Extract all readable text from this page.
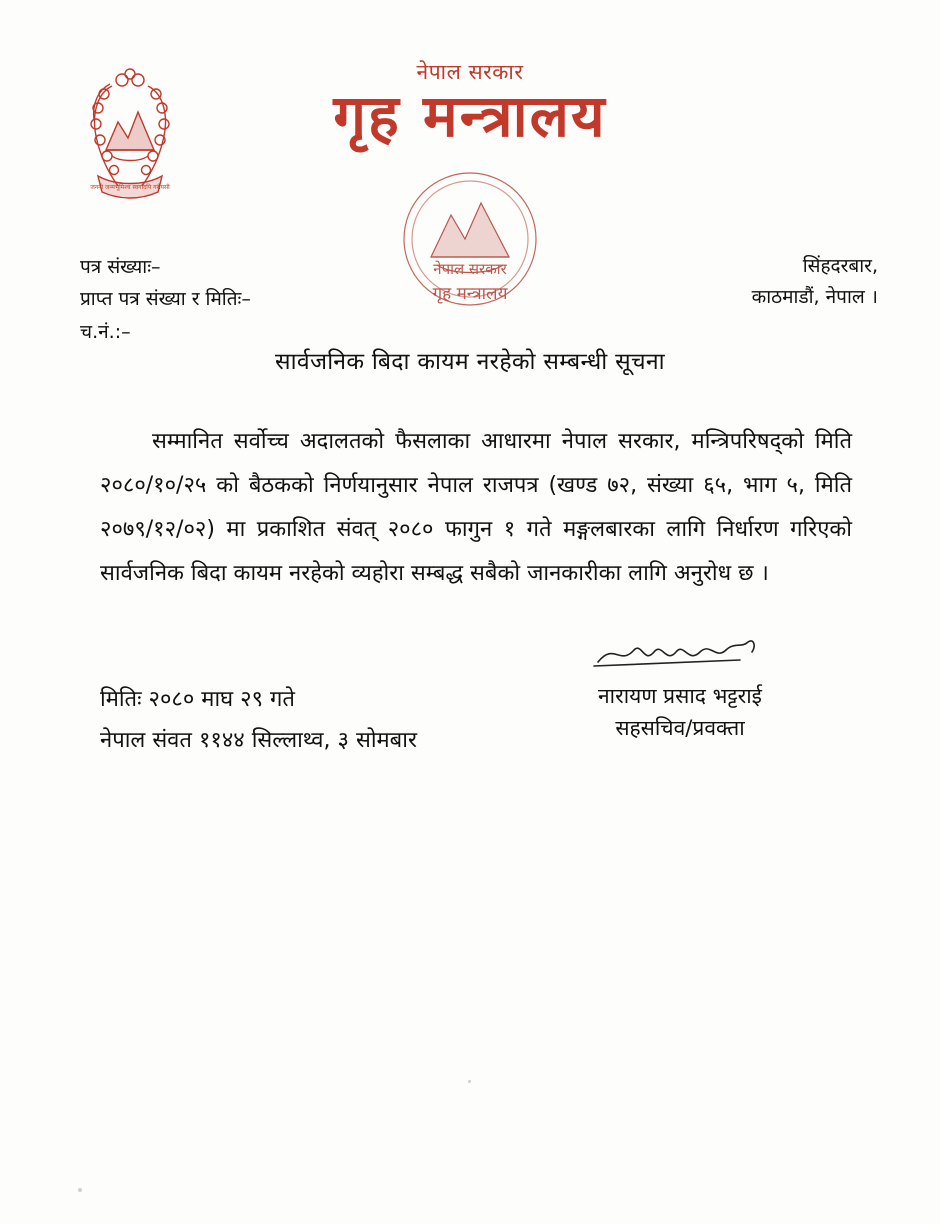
जननी जन्मभूमिश्च स्वर्गादपि गरीयसी
नेपाल सरकार
गृह मन्त्रालय
नेपाल सरकार
गृह मन्त्रालय
पत्र संख्याः–
प्राप्त पत्र संख्या र मितिः–
च.नं.:–
सिंहदरबार,
काठमाडौं, नेपाल ।
सार्वजनिक बिदा कायम नरहेको सम्बन्धी सूचना
सम्मानित सर्वोच्च अदालतको फैसलाका आधारमा नेपाल सरकार, मन्त्रिपरिषद्‌को मिति २०८०/१०/२५ को बैठकको निर्णयानुसार नेपाल राजपत्र (खण्ड ७२, संख्या ६५, भाग ५, मिति २०७९/१२/०२) मा प्रकाशित संवत् २०८० फागुन १ गते मङ्गलबारका लागि निर्धारण गरिएको सार्वजनिक बिदा कायम नरहेको व्यहोरा सम्बद्ध सबैको जानकारीका लागि अनुरोध छ ।
नारायण प्रसाद भट्टराई
सहसचिव/प्रवक्ता
मितिः २०८० माघ २९ गते
नेपाल संवत ११४४ सिल्लाथ्व, ३ सोमबार
